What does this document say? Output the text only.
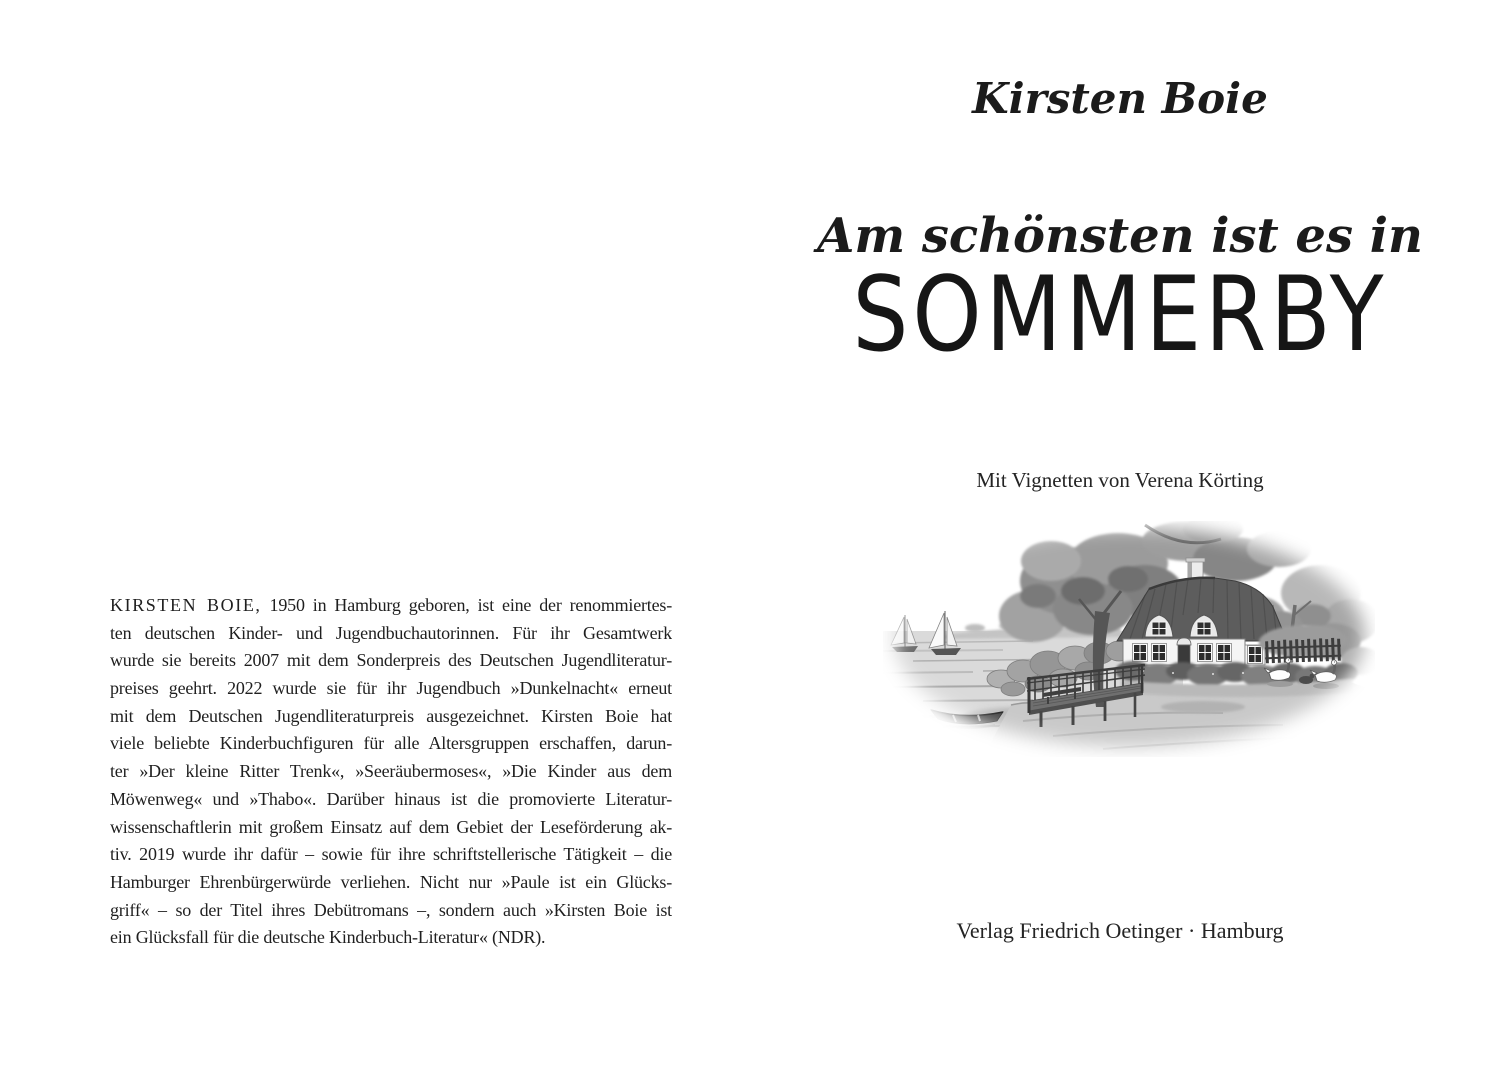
KIRSTEN BOIE, 1950 in Hamburg geboren, ist eine der renommiertes-
ten deutschen Kinder- und Jugendbuchautorinnen. Für ihr Gesamtwerk
wurde sie bereits 2007 mit dem Sonderpreis des Deutschen Jugendliteratur-
preises geehrt. 2022 wurde sie für ihr Jugendbuch »Dunkelnacht« erneut
mit dem Deutschen Jugendliteraturpreis ausgezeichnet. Kirsten Boie hat
viele beliebte Kinderbuchfiguren für alle Altersgruppen erschaffen, darun-
ter »Der kleine Ritter Trenk«, »Seeräubermoses«, »Die Kinder aus dem
Möwenweg« und »Thabo«. Darüber hinaus ist die promovierte Literatur-
wissenschaftlerin mit großem Einsatz auf dem Gebiet der Leseförderung ak-
tiv. 2019 wurde ihr dafür – sowie für ihre schriftstellerische Tätigkeit – die
Hamburger Ehrenbürgerwürde verliehen. Nicht nur »Paule ist ein Glücks-
griff« – so der Titel ihres Debütromans –, sondern auch »Kirsten Boie ist
ein Glücksfall für die deutsche Kinderbuch-Literatur« (NDR).
Kirsten Boie
Am schönsten ist es in
SOMMERBY
Mit Vignetten von Verena Körting
Verlag Friedrich Oetinger · Hamburg
